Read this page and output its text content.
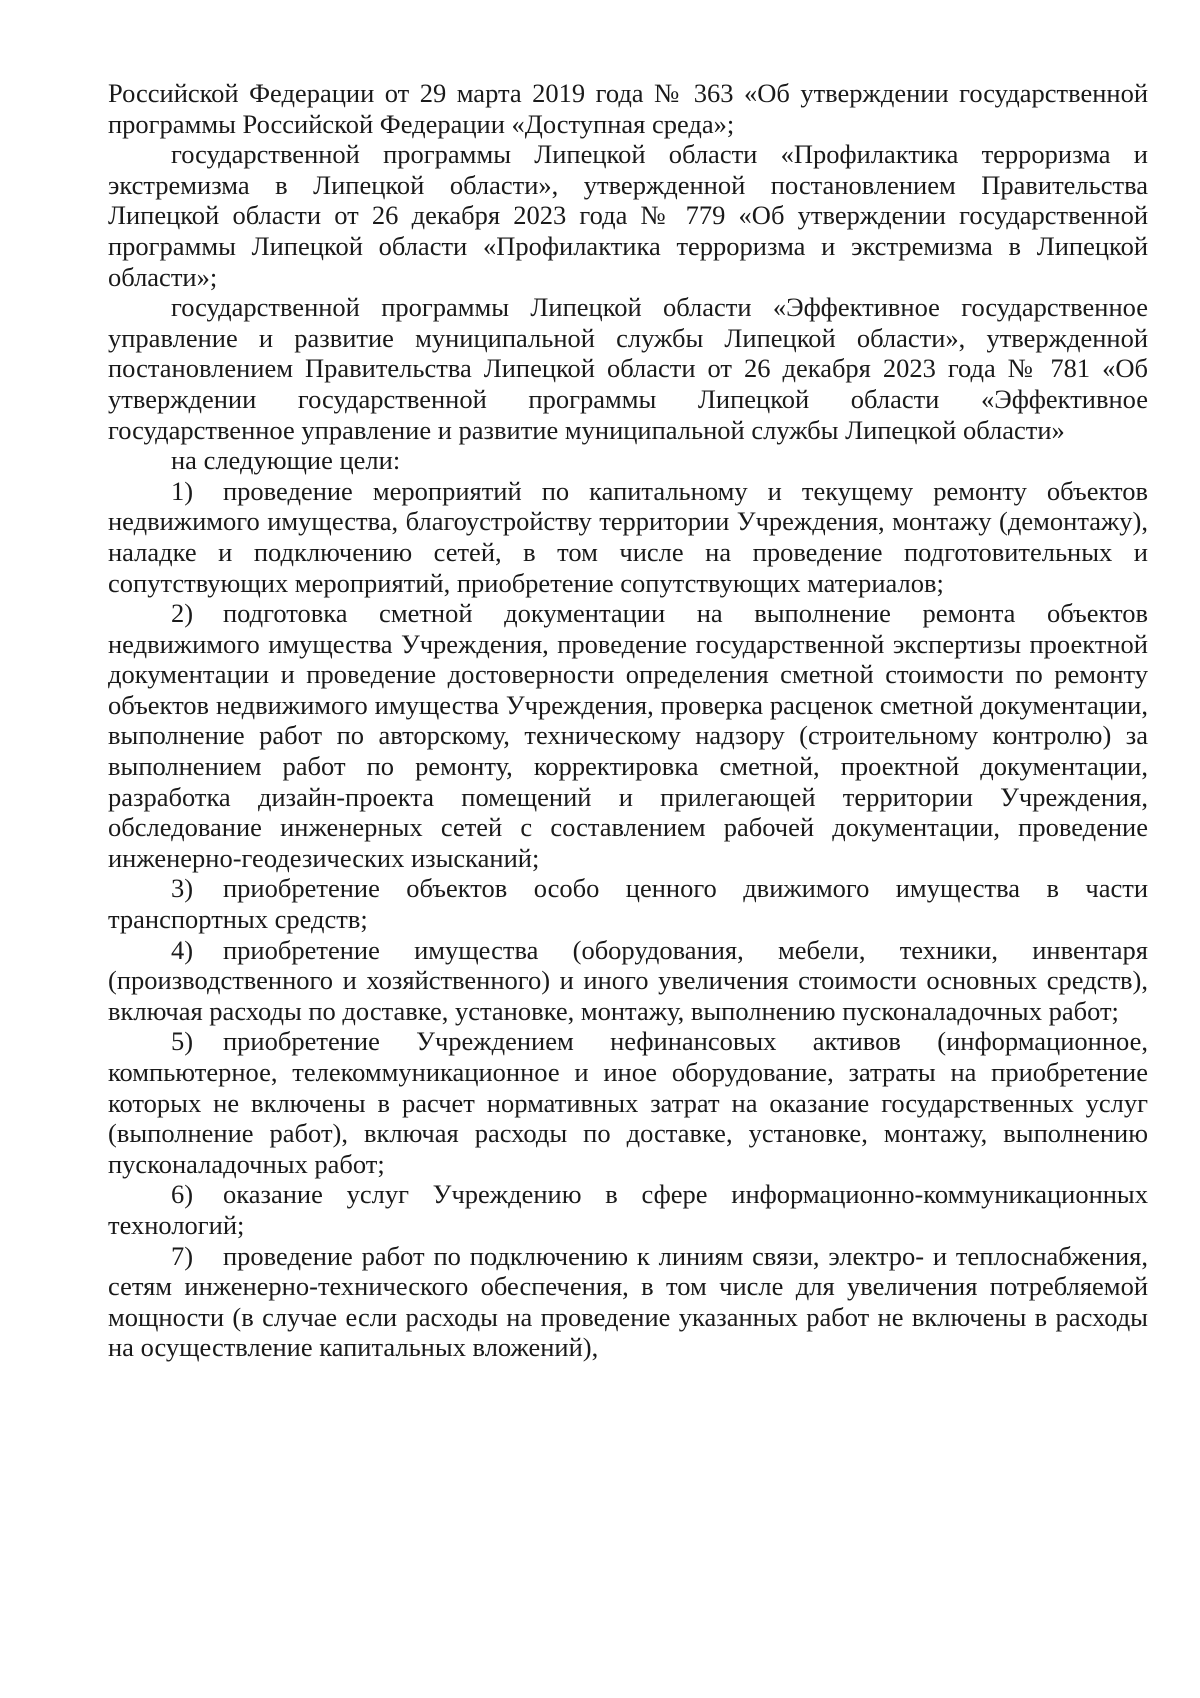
Российской Федерации от 29 марта 2019 года № 363 «Об утверждении государственной программы Российской Федерации «Доступная среда»;

государственной программы Липецкой области «Профилактика терроризма и экстремизма в Липецкой области», утвержденной постановлением Правительства Липецкой области от 26 декабря 2023 года № 779 «Об утверждении государственной программы Липецкой области «Профилактика терроризма и экстремизма в Липецкой области»;

государственной программы Липецкой области «Эффективное государственное управление и развитие муниципальной службы Липецкой области», утвержденной постановлением Правительства Липецкой области от 26 декабря 2023 года № 781 «Об утверждении государственной программы Липецкой области «Эффективное государственное управление и развитие муниципальной службы Липецкой области»

на следующие цели:

1) проведение мероприятий по капитальному и текущему ремонту объектов недвижимого имущества, благоустройству территории Учреждения, монтажу (демонтажу), наладке и подключению сетей, в том числе на проведение подготовительных и сопутствующих мероприятий, приобретение сопутствующих материалов;

2) подготовка сметной документации на выполнение ремонта объектов недвижимого имущества Учреждения, проведение государственной экспертизы проектной документации и проведение достоверности определения сметной стоимости по ремонту объектов недвижимого имущества Учреждения, проверка расценок сметной документации, выполнение работ по авторскому, техническому надзору (строительному контролю) за выполнением работ по ремонту, корректировка сметной, проектной документации, разработка дизайн-проекта помещений и прилегающей территории Учреждения, обследование инженерных сетей с составлением рабочей документации, проведение инженерно-геодезических изысканий;

3) приобретение объектов особо ценного движимого имущества в части транспортных средств;

4) приобретение имущества (оборудования, мебели, техники, инвентаря (производственного и хозяйственного) и иного увеличения стоимости основных средств), включая расходы по доставке, установке, монтажу, выполнению пусконаладочных работ;

5) приобретение Учреждением нефинансовых активов (информационное, компьютерное, телекоммуникационное и иное оборудование, затраты на приобретение которых не включены в расчет нормативных затрат на оказание государственных услуг (выполнение работ), включая расходы по доставке, установке, монтажу, выполнению пусконаладочных работ;

6) оказание услуг Учреждению в сфере информационно-коммуникационных технологий;

7) проведение работ по подключению к линиям связи, электро- и теплоснабжения, сетям инженерно-технического обеспечения, в том числе для увеличения потребляемой мощности (в случае если расходы на проведение указанных работ не включены в расходы на осуществление капитальных вложений),
